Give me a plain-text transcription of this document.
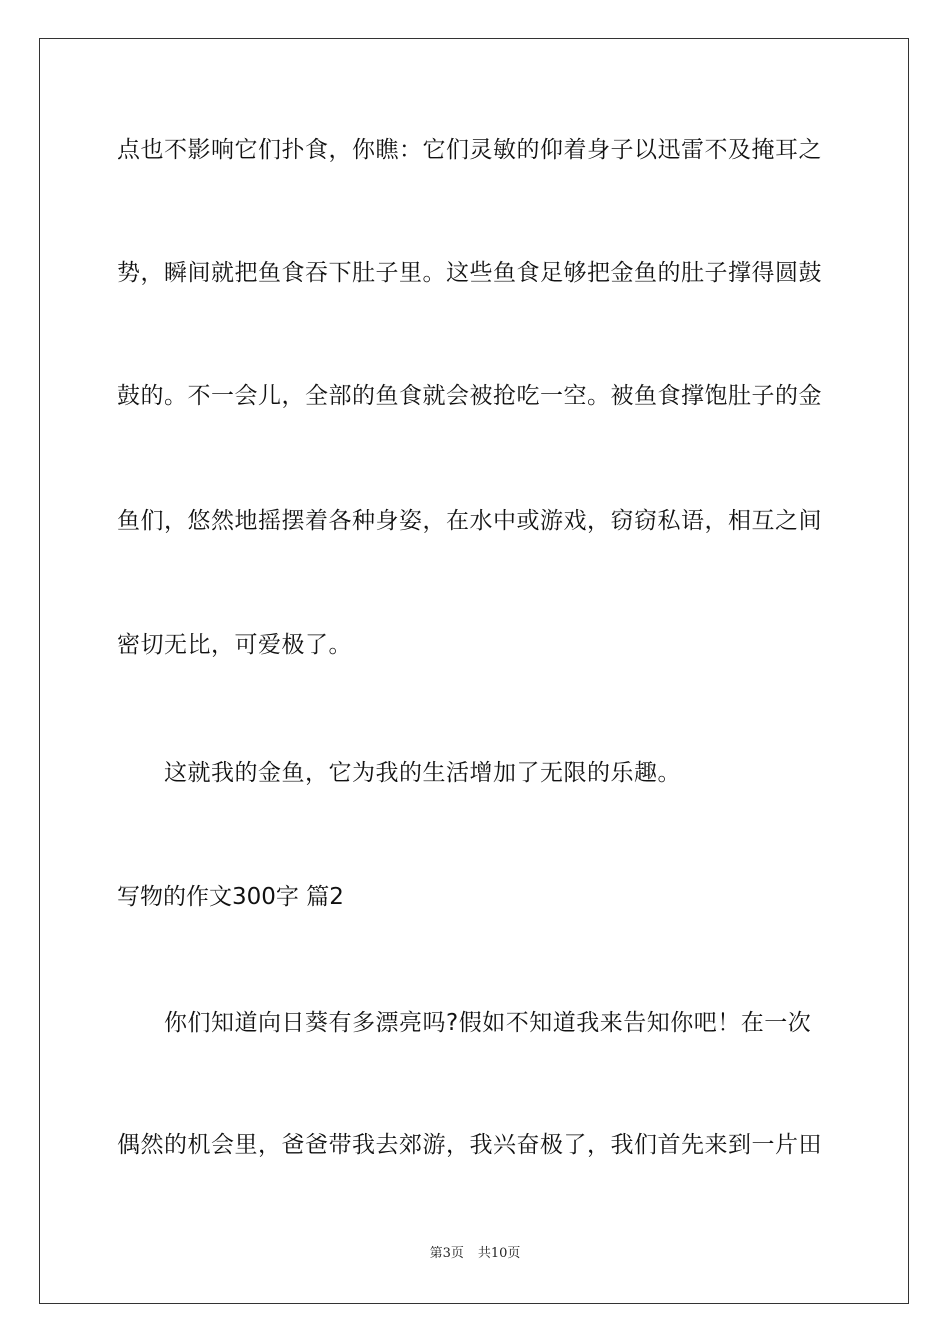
点也不影响它们扑食，你瞧：它们灵敏的仰着身子以迅雷不及掩耳之
势，瞬间就把鱼食吞下肚子里。这些鱼食足够把金鱼的肚子撑得圆鼓
鼓的。不一会儿，全部的鱼食就会被抢吃一空。被鱼食撑饱肚子的金
鱼们，悠然地摇摆着各种身姿，在水中或游戏，窃窃私语，相互之间
密切无比，可爱极了。
这就我的金鱼，它为我的生活增加了无限的乐趣。
写物的作文300字 篇2
你们知道向日葵有多漂亮吗?假如不知道我来告知你吧！在一次
偶然的机会里，爸爸带我去郊游，我兴奋极了，我们首先来到一片田
第3页 共10页
